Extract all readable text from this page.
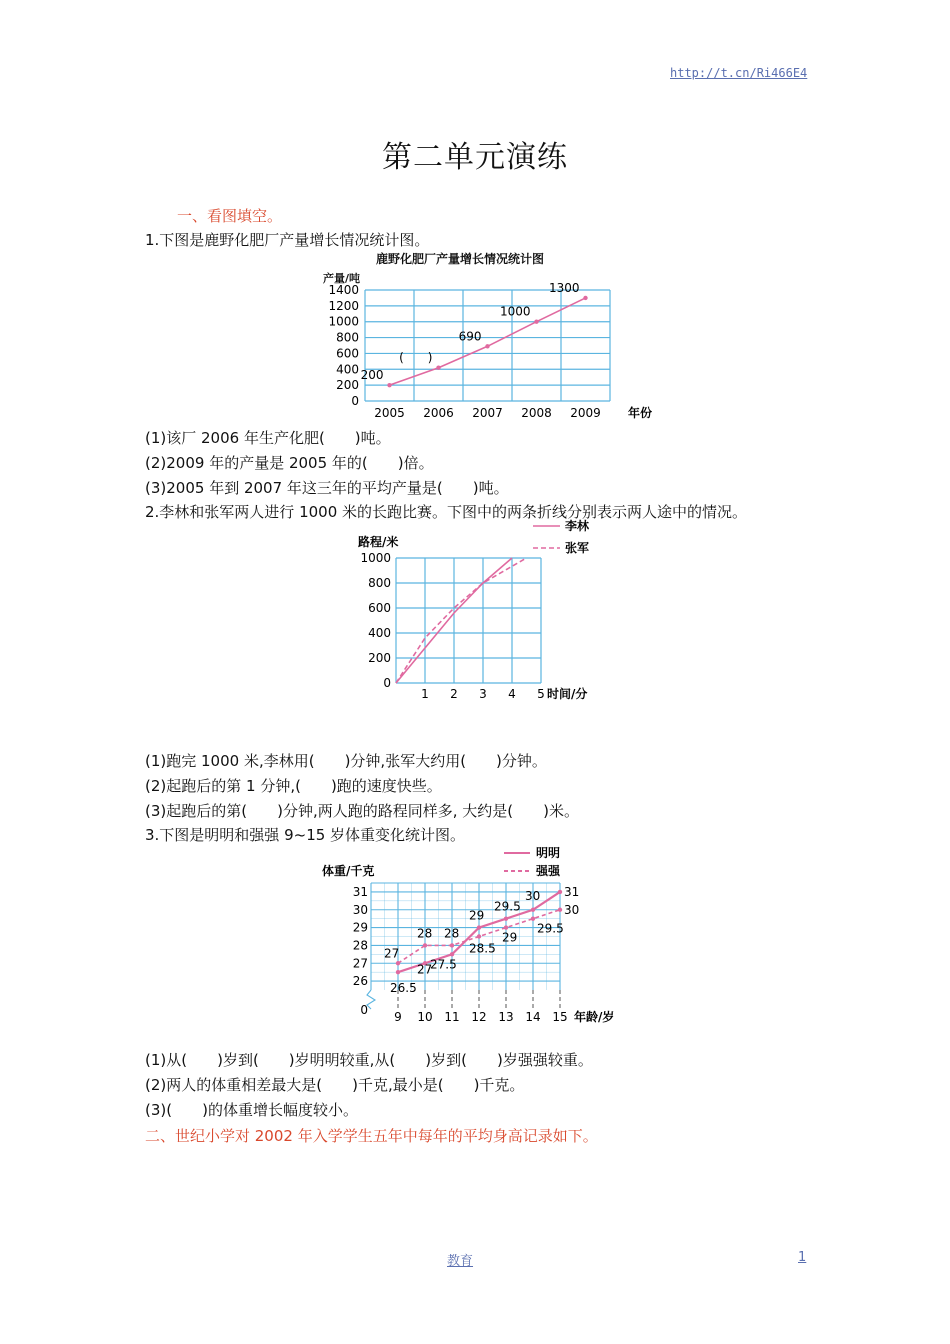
http://t.cn/Ri466E4
第二单元演练
一、看图填空。
1.下图是鹿野化肥厂产量增长情况统计图。
鹿野化肥厂产量增长情况统计图
0
200
400
600
800
1000
1200
1400
2005 2006 2007 2008 2009 年份
200
(　　)
690
1000
1300
产量/吨
(1)该厂 2006 年生产化肥(　　)吨。
(2)2009 年的产量是 2005 年的(　　)倍。
(3)2005 年到 2007 年这三年的平均产量是(　　)吨。
2.李林和张军两人进行 1000 米的长跑比赛。下图中的两条折线分别表示两人途中的情况。
路程/米
0
200
400
600
800
1000
1 2 3 4 5 时间/分
李林
张军
(1)跑完 1000 米,李林用(　　)分钟,张军大约用(　　)分钟。
(2)起跑后的第 1 分钟,(　　)跑的速度快些。
(3)起跑后的第(　　)分钟,两人跑的路程同样多, 大约是(　　)米。
3.下图是明明和强强 9~15 岁体重变化统计图。
体重/千克
9 10 11 12 13 14 15 年龄/岁
26
27
28
29
30
31
0
明明
强强
26.5
27
27.5
29
29.5
30 31
27
28 28
28.5
29
29.5
30
(1)从(　　)岁到(　　)岁明明较重,从(　　)岁到(　　)岁强强较重。
(2)两人的体重相差最大是(　　)千克,最小是(　　)千克。
(3)(　　)的体重增长幅度较小。
二、世纪小学对 2002 年入学学生五年中每年的平均身高记录如下。
教育	1
